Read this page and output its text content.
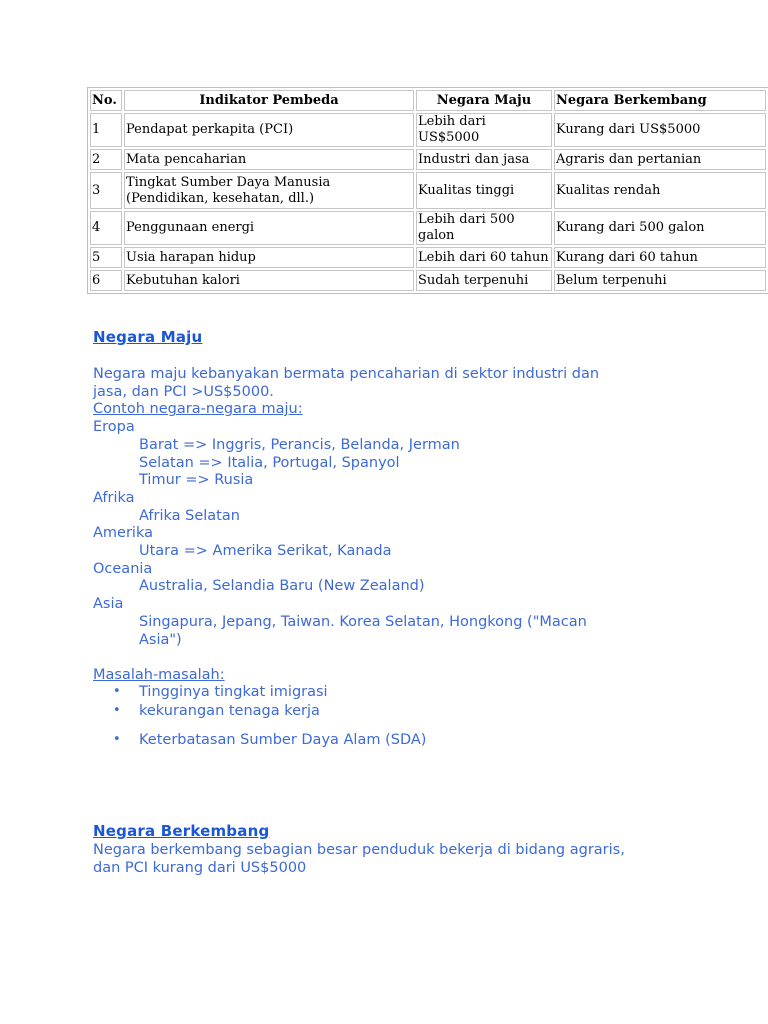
No.	Indikator Pembeda	Negara Maju	Negara Berkembang
1	Pendapat perkapita (PCI)	Lebih dari US$5000	Kurang dari US$5000
2	Mata pencaharian	Industri dan jasa	Agraris dan pertanian
3	Tingkat Sumber Daya Manusia (Pendidikan, kesehatan, dll.)	Kualitas tinggi	Kualitas rendah
4	Penggunaan energi	Lebih dari 500 galon	Kurang dari 500 galon
5	Usia harapan hidup	Lebih dari 60 tahun	Kurang dari 60 tahun
6	Kebutuhan kalori	Sudah terpenuhi	Belum terpenuhi
Negara Maju
Negara maju kebanyakan bermata pencaharian di sektor industri dan
jasa, dan PCI >US$5000.
Contoh negara-negara maju:
Eropa
Barat => Inggris, Perancis, Belanda, Jerman
Selatan => Italia, Portugal, Spanyol
Timur => Rusia
Afrika
Afrika Selatan
Amerika
Utara => Amerika Serikat, Kanada
Oceania
Australia, Selandia Baru (New Zealand)
Asia
Singapura, Jepang, Taiwan. Korea Selatan, Hongkong ("Macan
Asia")
Masalah-masalah:
Tingginya tingkat imigrasi
kekurangan tenaga kerja
Keterbatasan Sumber Daya Alam (SDA)
Negara Berkembang
Negara berkembang sebagian besar penduduk bekerja di bidang agraris,
dan PCI kurang dari US$5000
